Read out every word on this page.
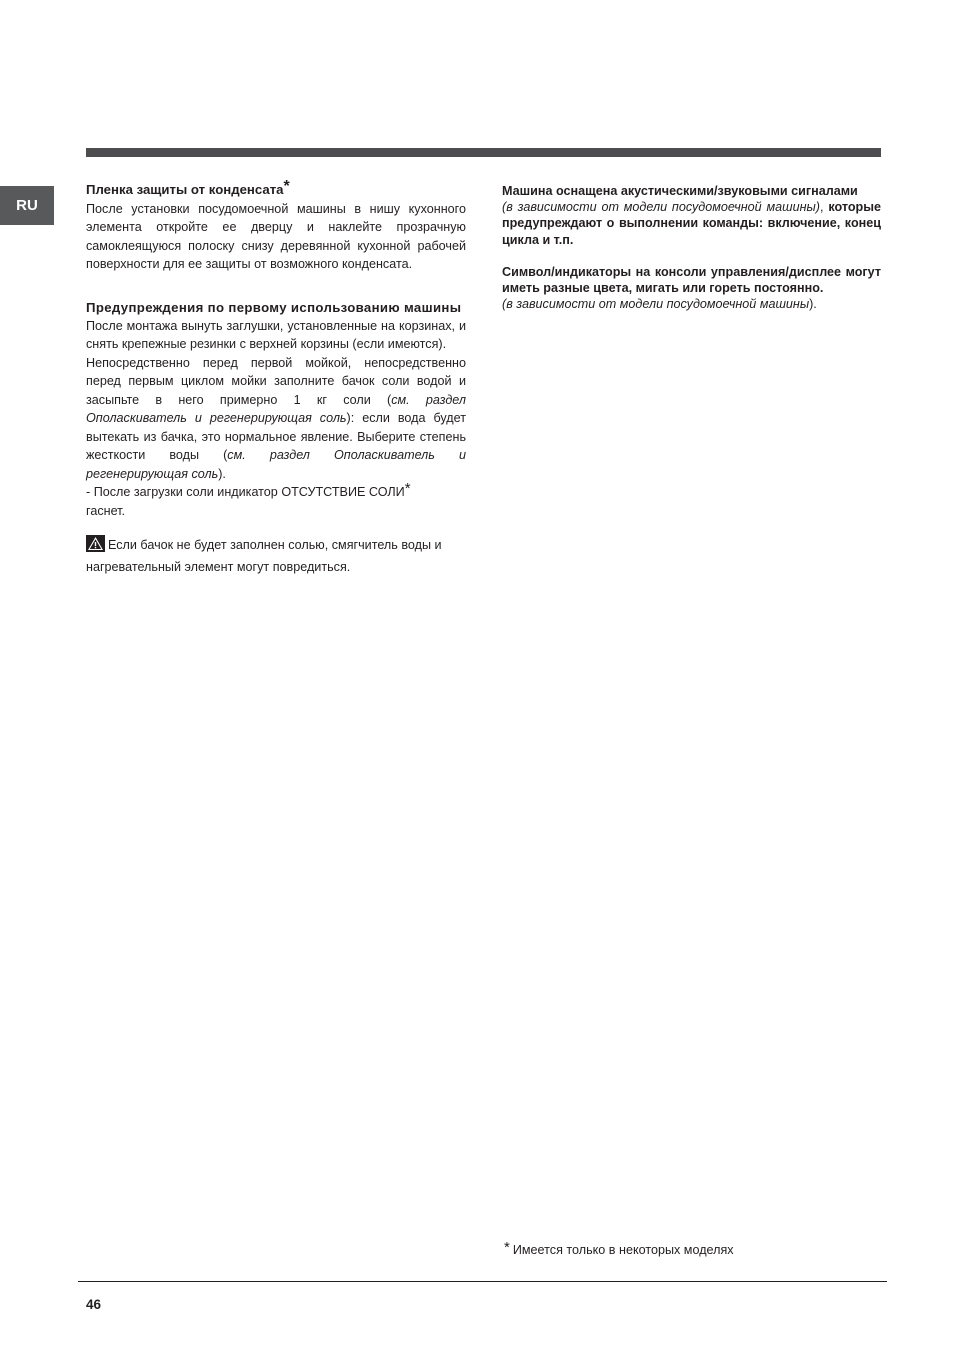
RU
Пленка защиты от конденсата*

После установки посудомоечной машины в нишу кухонного элемента откройте ее дверцу и наклейте прозрачную самоклеящуюся полоску снизу деревянной кухонной рабочей поверхности для ее защиты от возможного конденсата.

Предупреждения по первому использованию машины

После монтажа вынуть заглушки, установленные на корзинах, и снять крепежные резинки с верхней корзины (если имеются).

Непосредственно перед первой мойкой, непосредственно перед первым циклом мойки заполните бачок соли водой и засыпьте в него примерно 1 кг соли (см. раздел Ополаскиватель и регенерирующая соль): если вода будет вытекать из бачка, это нормальное явление. Выберите степень жесткости воды (см. раздел Ополаскиватель и регенерирующая соль).

- После загрузки соли индикатор ОТСУТСТВИЕ СОЛИ*
гаснет.

Если бачок не будет заполнен солью, смягчитель воды и нагревательный элемент могут повредиться.

Машина оснащена акустическими/звуковыми сигналами
(в зависимости от модели посудомоечной машины), которые предупреждают о выполнении команды: включение, конец цикла и т.п.

Символ/индикаторы на консоли управления/дисплее могут иметь разные цвета, мигать или гореть постоянно.
(в зависимости от модели посудомоечной машины).

* Имеется только в некоторых моделях
46
